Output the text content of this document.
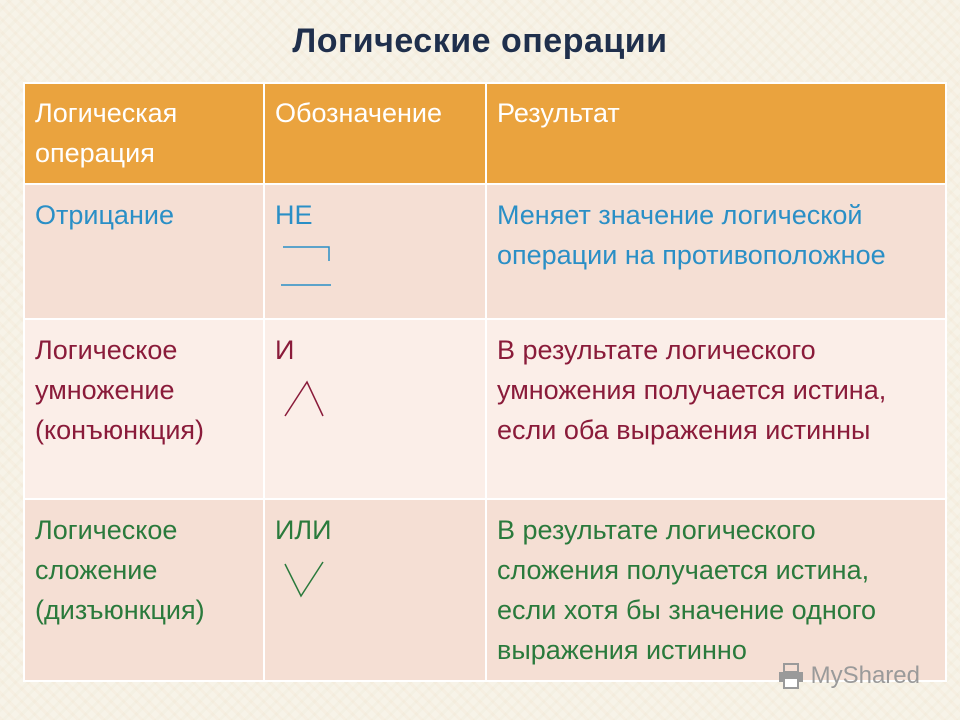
Логические операции
Логическая операция	Обозначение	Результат
Отрицание	НЕ	Меняет значение логической операции на противоположное
Логическое умножение (конъюнкция)	И	В результате логического умножения получается истина, если оба выражения истинны
Логическое сложение (дизъюнкция)	ИЛИ	В результате логического сложения получается истина, если хотя бы значение одного выражения истинно
MyShared
